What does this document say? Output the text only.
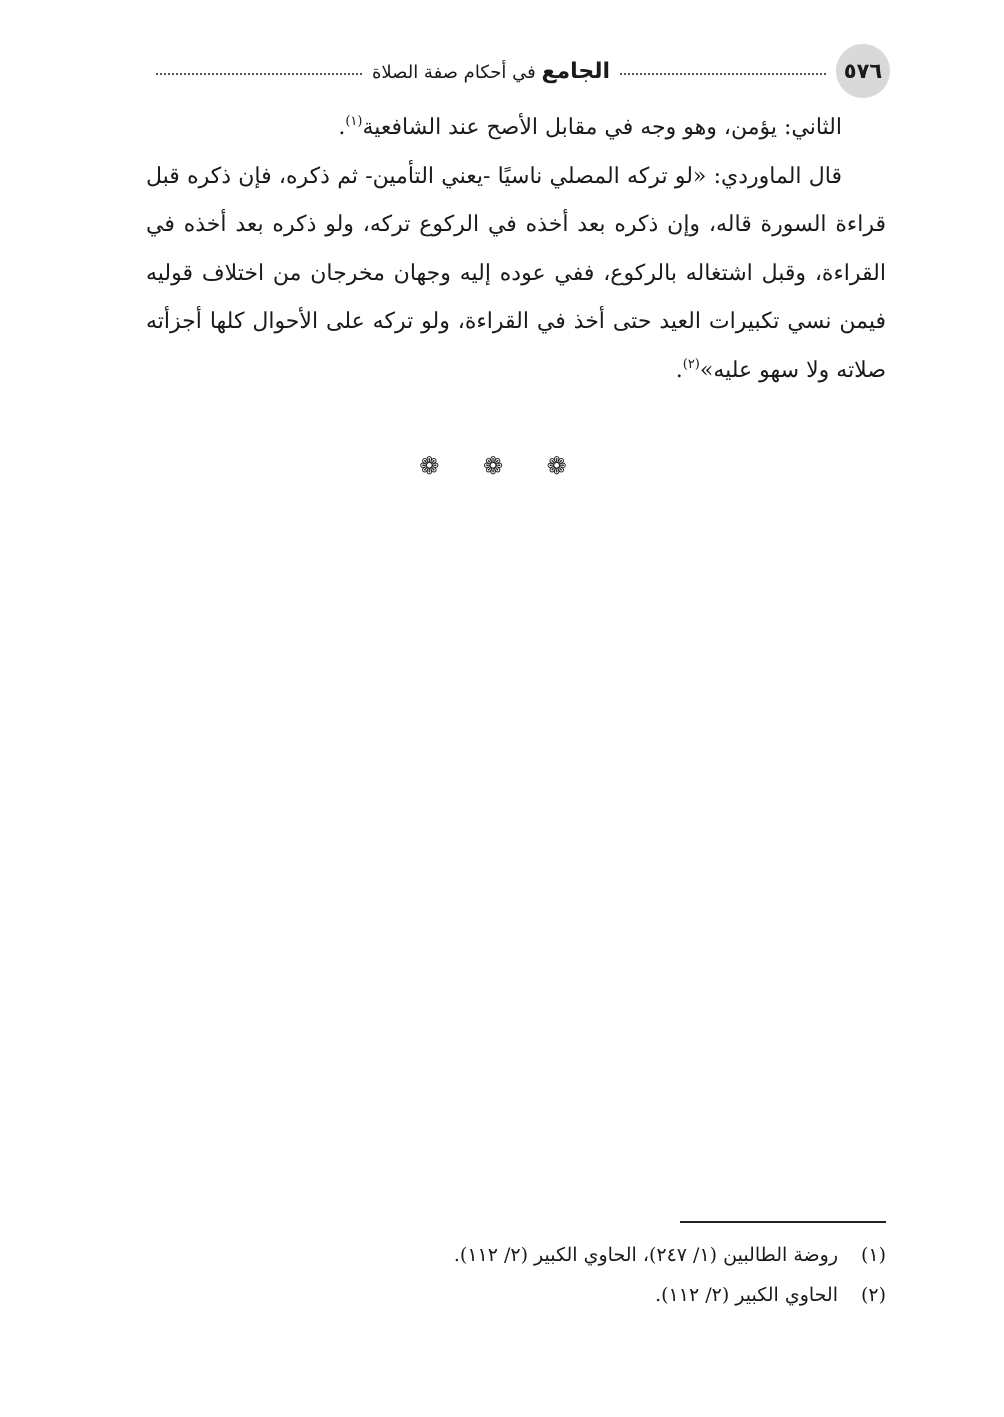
٥٧٦
الجامع في أحكام صفة الصلاة

الثاني: يؤمن، وهو وجه في مقابل الأصح عند الشافعية$^{(١)}$.

قال الماوردي: «لو تركه المصلي ناسيًا -يعني التأمين- ثم ذكره، فإن ذكره قبل قراءة السورة قاله، وإن ذكره بعد أخذه في الركوع تركه، ولو ذكره بعد أخذه في القراءة، وقبل اشتغاله بالركوع، ففي عوده إليه وجهان مخرجان من اختلاف قوليه فيمن نسي تكبيرات العيد حتى أخذ في القراءة، ولو تركه على الأحوال كلها أجزأته صلاته ولا سهو عليه»$^{(٢)}$.

❁ ❁ ❁
(١)
روضة الطالبين (١/ ٢٤٧)، الحاوي الكبير (٢/ ١١٢).
(٢)
الحاوي الكبير (٢/ ١١٢).
